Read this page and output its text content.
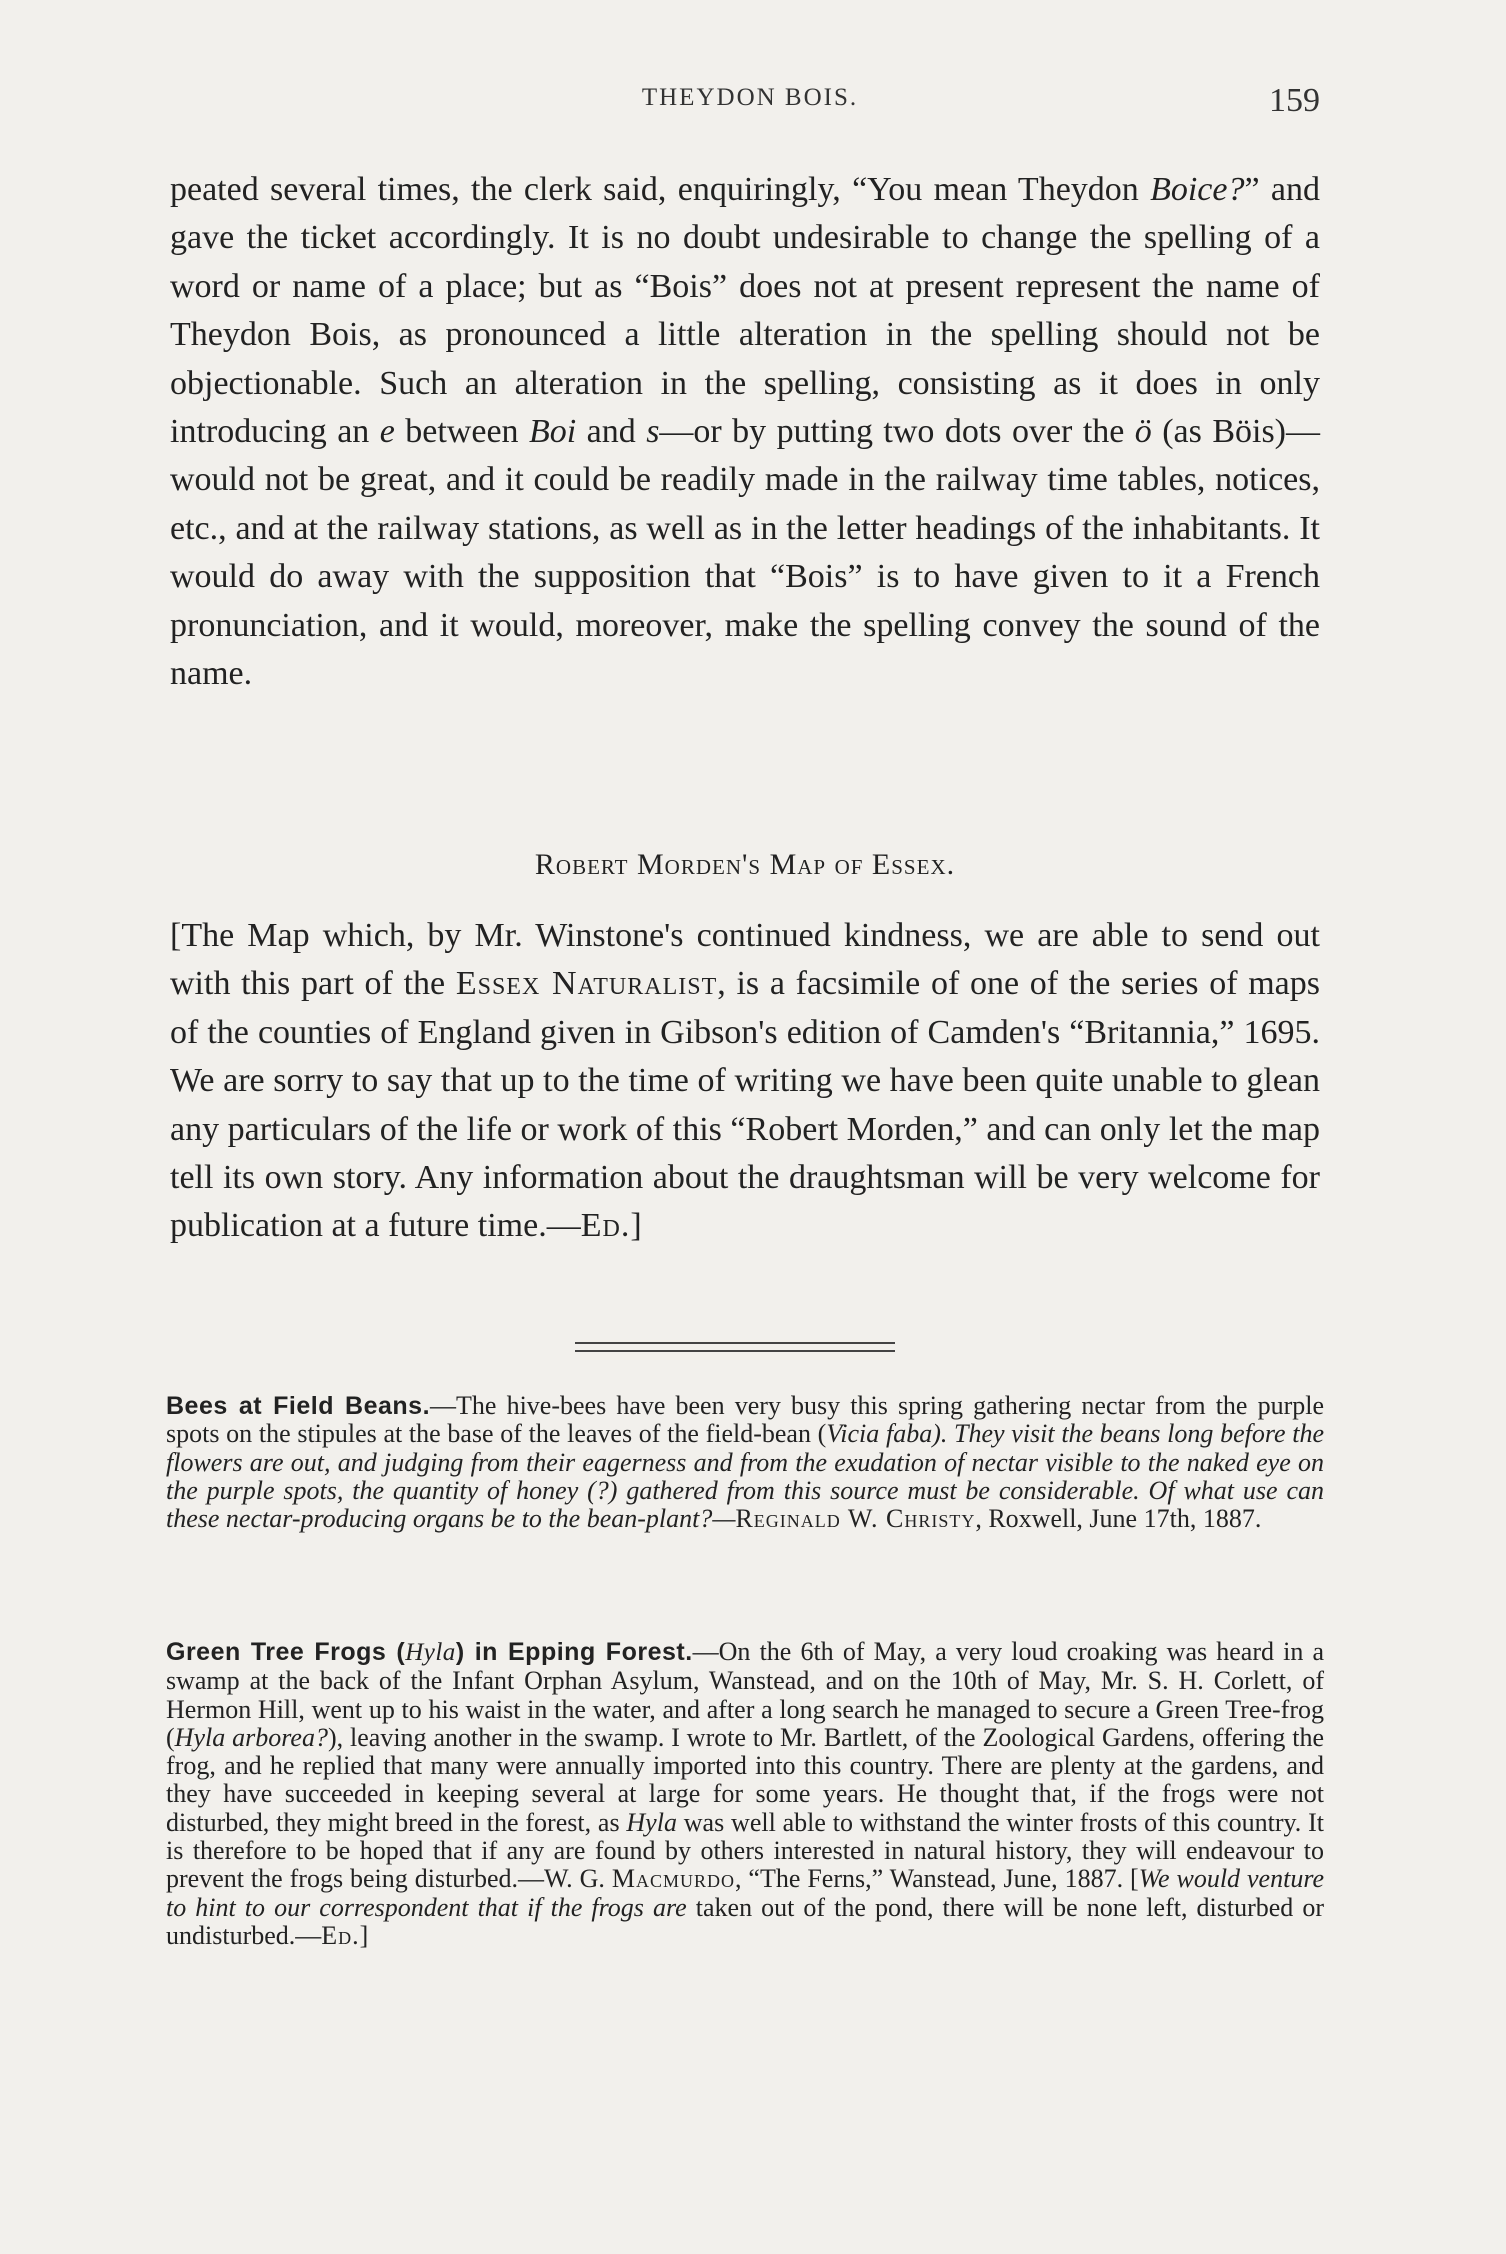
THEYDON BOIS.	159
peated several times, the clerk said, enquiringly, “You mean Theydon Boice?” and gave the ticket accordingly. It is no doubt undesirable to change the spelling of a word or name of a place; but as “Bois” does not at present represent the name of Theydon Bois, as pronounced a little alteration in the spelling should not be objectionable. Such an alteration in the spelling, consisting as it does in only introducing an e between Boi and s—or by putting two dots over the ö (as Böis)—would not be great, and it could be readily made in the railway time tables, notices, etc., and at the railway stations, as well as in the letter headings of the inhabitants. It would do away with the supposition that “Bois” is to have given to it a French pronunciation, and it would, moreover, make the spelling convey the sound of the name.
Robert Morden's Map of Essex.
[The Map which, by Mr. Winstone's continued kindness, we are able to send out with this part of the Essex Naturalist, is a facsimile of one of the series of maps of the counties of England given in Gibson's edition of Camden's “Britannia,” 1695. We are sorry to say that up to the time of writing we have been quite unable to glean any particulars of the life or work of this “Robert Morden,” and can only let the map tell its own story. Any information about the draughtsman will be very welcome for publication at a future time.—Ed.]
Bees at Field Beans.—The hive-bees have been very busy this spring gathering nectar from the purple spots on the stipules at the base of the leaves of the field-bean (Vicia faba). They visit the beans long before the flowers are out, and judging from their eagerness and from the exudation of nectar visible to the naked eye on the purple spots, the quantity of honey (?) gathered from this source must be considerable. Of what use can these nectar-producing organs be to the bean-plant?—Reginald W. Christy, Roxwell, June 17th, 1887.
Green Tree Frogs (Hyla) in Epping Forest.—On the 6th of May, a very loud croaking was heard in a swamp at the back of the Infant Orphan Asylum, Wanstead, and on the 10th of May, Mr. S. H. Corlett, of Hermon Hill, went up to his waist in the water, and after a long search he managed to secure a Green Tree-frog (Hyla arborea?), leaving another in the swamp. I wrote to Mr. Bartlett, of the Zoological Gardens, offering the frog, and he replied that many were annually imported into this country. There are plenty at the gardens, and they have succeeded in keeping several at large for some years. He thought that, if the frogs were not disturbed, they might breed in the forest, as Hyla was well able to withstand the winter frosts of this country. It is therefore to be hoped that if any are found by others interested in natural history, they will endeavour to prevent the frogs being disturbed.—W. G. Macmurdo, “The Ferns,” Wanstead, June, 1887. [We would venture to hint to our correspondent that if the frogs are taken out of the pond, there will be none left, disturbed or undisturbed.—Ed.]
